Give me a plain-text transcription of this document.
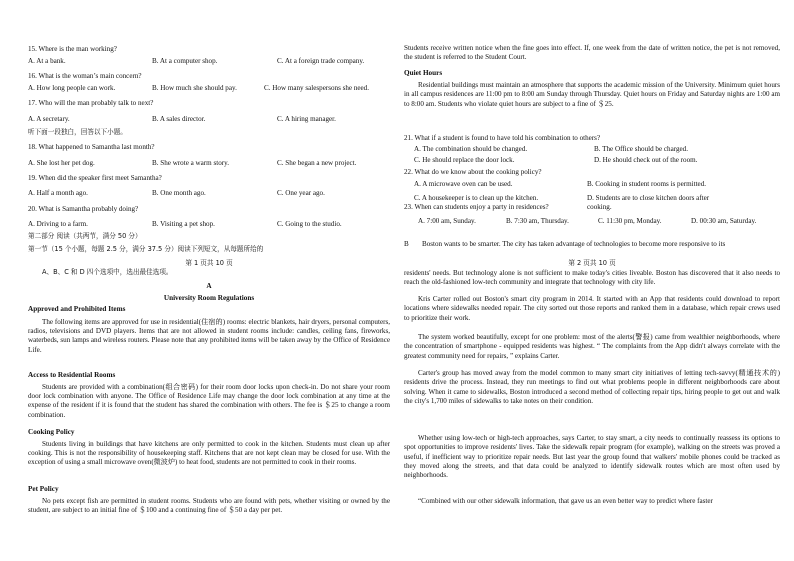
15. Where is the man working?
A. At a bank.	B. At a computer shop.	C. At a foreign trade company.
16. What is the woman’s main concern?
A. How long people can work.	B. How much she should pay.	C. How many salespersons she need.
17. Who will the man probably talk to next?
A. A secretary.	B. A sales director.	C. A hiring manager.
听下面一段独白，回答以下小题。
18. What happened to Samantha last month?
A. She lost her pet dog.	B. She wrote a warm story.	C. She began a new project.
19. When did the speaker first meet Samantha?
A. Half a month ago.	B. One month ago.	C. One year ago.
20. What is Samantha probably doing?
A. Driving to a farm.	B. Visiting a pet shop.	C. Going to the studio.
第二部分 阅读（共两节，满分 50 分）
第一节（15 个小题，每题 2.5 分，满分 37.5 分）阅读下列短文，从每题所给的
第 1 页共 10 页
A、B、C 和 D 四个选项中，选出最佳选项。
A
University Room Regulations
Approved and Prohibited Items
The following items are approved for use in residential(住宿的) rooms: electric blankets, hair dryers, personal computers, radios, televisions and DVD players. Items that are not allowed in student rooms include: candles, ceiling fans, fireworks, waterbeds, sun lamps and wireless routers. Please note that any prohibited items will be taken away by the Office of Residence Life.
Access to Residential Rooms
Students are provided with a combination(组合密码) for their room door locks upon check-in. Do not share your room door lock combination with anyone. The Office of Residence Life may change the door lock combination at any time at the expense of the resident if it is found that the student has shared the combination with others. The fee is ＄25 to change a room combination.
Cooking Policy
Students living in buildings that have kitchens are only permitted to cook in the kitchen. Students must clean up after cooking. This is not the responsibility of housekeeping staff. Kitchens that are not kept clean may be closed for use. With the exception of using a small microwave oven(微波炉) to heat food, students are not permitted to cook in their rooms.
Pet Policy
No pets except fish are permitted in student rooms. Students who are found with pets, whether visiting or owned by the student, are subject to an initial fine of ＄100 and a continuing fine of ＄50 a day per pet.
Students receive written notice when the fine goes into effect. If, one week from the date of written notice, the pet is not removed, the student is referred to the Student Court.
Quiet Hours
Residential buildings must maintain an atmosphere that supports the academic mission of the University. Minimum quiet hours in all campus residences are 11:00 pm to 8:00 am Sunday through Thursday. Quiet hours on Friday and Saturday nights are 1:00 am to 8:00 am. Students who violate quiet hours are subject to a fine of ＄25.
21. What if a student is found to have told his combination to others?
A. The combination should be changed.	B. The Office should be charged.
C. He should replace the door lock.	D. He should check out of the room.
22. What do we know about the cooking policy?
A. A microwave oven can be used.	B. Cooking in student rooms is permitted.
C. A housekeeper is to clean up the kitchen.	D. Students are to close kitchen doors after
23. When can students enjoy a party in residences?	cooking.
A. 7:00 am, Sunday.	B. 7:30 am, Thursday.	C. 11:30 pm, Monday.	D. 00:30 am, Saturday.
B Boston wants to be smarter. The city has taken advantage of technologies to become more responsive to its
第 2 页共 10 页
residents' needs. But technology alone is not sufficient to make today's cities liveable. Boston has discovered that it also needs to reach the old-fashioned low-tech community and integrate that technology with city life.
Kris Carter rolled out Boston's smart city program in 2014. It started with an App that residents could download to report locations where sidewalks needed repair. The city sorted out those reports and ranked them in a database, which repair crews used to prioritize their work.
The system worked beautifully, except for one problem: most of the alerts(警报) came from wealthier neighborhoods, where the concentration of smartphone - equipped residents was highest. “ The complaints from the App didn't always correlate with the greatest community need for repairs, ” explains Carter.
Carter's group has moved away from the model common to many smart city initiatives of letting tech-savvy(精通技术的) residents drive the process. Instead, they run meetings to find out what problems people in different neighborhoods care about solving. When it came to sidewalks, Boston introduced a second method of collecting repair tips, hiring people to get out and walk the city's 1,700 miles of sidewalks to take notes on their condition.
Whether using low-tech or high-tech approaches, says Carter, to stay smart, a city needs to continually reassess its options to spot opportunities to improve residents' lives. Take the sidewalk repair program (for example), walking on the streets was proved a useful, if inefficient way to prioritize repair needs. But last year the group found that walkers' mobile phones could be tracked as they moved along the streets, and that data could be analyzed to identify sidewalk routes which are most often used by neighborhoods.
“Combined with our other sidewalk information, that gave us an even better way to predict where faster
